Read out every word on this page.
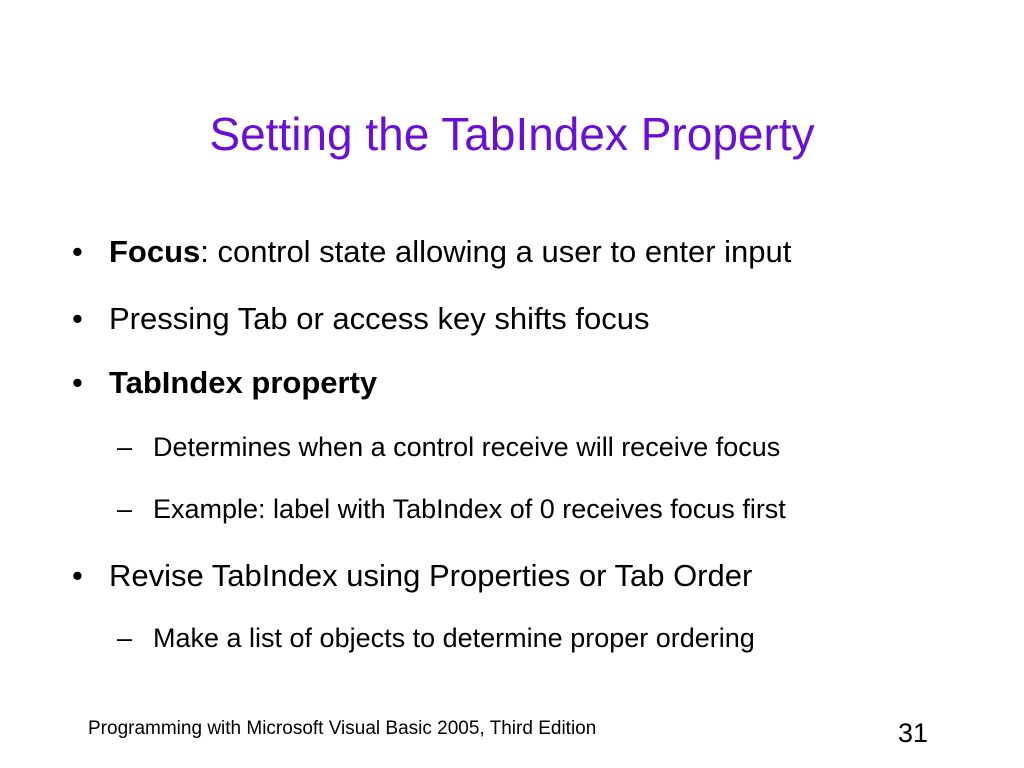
Setting the TabIndex Property
• Focus: control state allowing a user to enter input
• Pressing Tab or access key shifts focus
• TabIndex property
– Determines when a control receive will receive focus
– Example: label with TabIndex of 0 receives focus first
• Revise TabIndex using Properties or Tab Order
– Make a list of objects to determine proper ordering
Programming with Microsoft Visual Basic 2005, Third Edition	31
